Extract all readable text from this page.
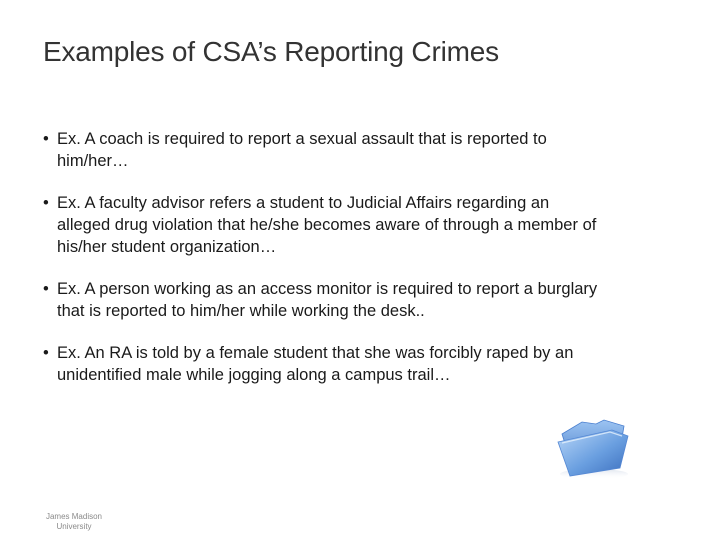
Examples of CSA’s Reporting Crimes
• Ex. A coach is required to report a sexual assault that is reported to him/her…
• Ex. A faculty advisor refers a student to Judicial Affairs regarding an alleged drug violation that he/she becomes aware of through a member of his/her student organization…
• Ex. A person working as an access monitor is required to report a burglary that is reported to him/her while working the desk..
• Ex. An RA is told by a female student that she was forcibly raped by an unidentified male while jogging along a campus trail…
James Madison University
